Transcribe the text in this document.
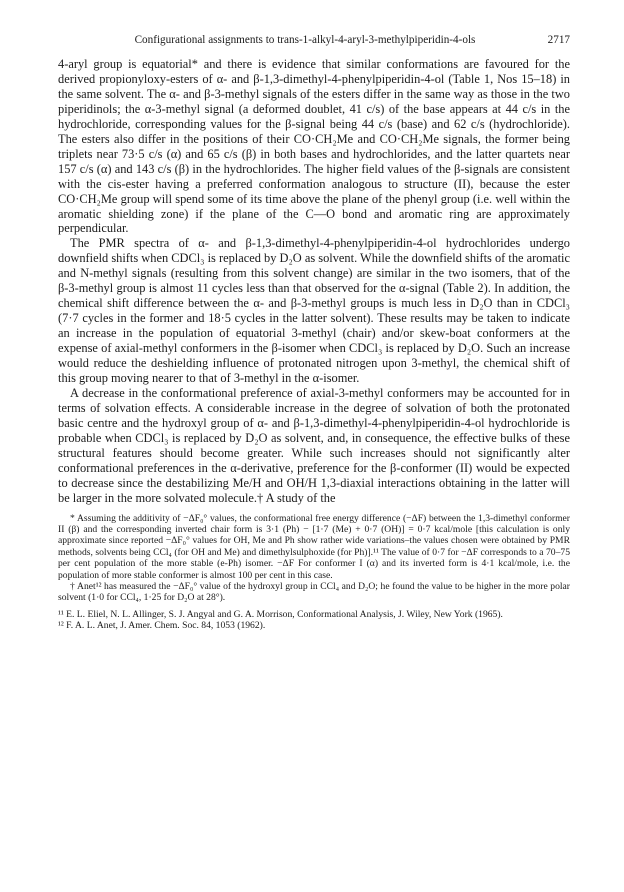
Configurational assignments to trans-1-alkyl-4-aryl-3-methylpiperidin-4-ols	2717

4-aryl group is equatorial* and there is evidence that similar conformations are favoured for the derived propionyloxy-esters of α- and β-1,3-dimethyl-4-phenylpiperidin-4-ol (Table 1, Nos 15–18) in the same solvent. The α- and β-3-methyl signals of the esters differ in the same way as those in the two piperidinols; the α-3-methyl signal (a deformed doublet, 41 c/s) of the base appears at 44 c/s in the hydrochloride, corresponding values for the β-signal being 44 c/s (base) and 62 c/s (hydrochloride). The esters also differ in the positions of their CO·CH₂Me and CO·CH₂Me signals, the former being triplets near 73·5 c/s (α) and 65 c/s (β) in both bases and hydrochlorides, and the latter quartets near 157 c/s (α) and 143 c/s (β) in the hydrochlorides. The higher field values of the β-signals are consistent with the cis-ester having a preferred conformation analogous to structure (II), because the ester CO·CH₂Me group will spend some of its time above the plane of the phenyl group (i.e. well within the aromatic shielding zone) if the plane of the C—O bond and aromatic ring are approximately perpendicular.

The PMR spectra of α- and β-1,3-dimethyl-4-phenylpiperidin-4-ol hydrochlorides undergo downfield shifts when CDCl₃ is replaced by D₂O as solvent. While the downfield shifts of the aromatic and N-methyl signals (resulting from this solvent change) are similar in the two isomers, that of the β-3-methyl group is almost 11 cycles less than that observed for the α-signal (Table 2). In addition, the chemical shift difference between the α- and β-3-methyl groups is much less in D₂O than in CDCl₃ (7·7 cycles in the former and 18·5 cycles in the latter solvent). These results may be taken to indicate an increase in the population of equatorial 3-methyl (chair) and/or skew-boat conformers at the expense of axial-methyl conformers in the β-isomer when CDCl₃ is replaced by D₂O. Such an increase would reduce the deshielding influence of protonated nitrogen upon 3-methyl, the chemical shift of this group moving nearer to that of 3-methyl in the α-isomer.

A decrease in the conformational preference of axial-3-methyl conformers may be accounted for in terms of solvation effects. A considerable increase in the degree of solvation of both the protonated basic centre and the hydroxyl group of α- and β-1,3-dimethyl-4-phenylpiperidin-4-ol hydrochloride is probable when CDCl₃ is replaced by D₂O as solvent, and, in consequence, the effective bulks of these structural features should become greater. While such increases should not significantly alter conformational preferences in the α-derivative, preference for the β-conformer (II) would be expected to decrease since the destabilizing Me/H and OH/H 1,3-diaxial interactions obtaining in the latter will be larger in the more solvated molecule.† A study of the

* Assuming the additivity of −ΔF₀° values, the conformational free energy difference (−ΔF) between the 1,3-dimethyl conformer II (β) and the corresponding inverted chair form is 3·1 (Ph) − [1·7 (Me) + 0·7 (OH)] = 0·7 kcal/mole [this calculation is only approximate since reported −ΔF₀° values for OH, Me and Ph show rather wide variations–the values chosen were obtained by PMR methods, solvents being CCl₄ (for OH and Me) and dimethylsulphoxide (for Ph)].¹¹ The value of 0·7 for −ΔF corresponds to a 70–75 per cent population of the more stable (e-Ph) isomer. −ΔF For conformer I (α) and its inverted form is 4·1 kcal/mole, i.e. the population of more stable conformer is almost 100 per cent in this case.

† Anet¹² has measured the −ΔF₀° value of the hydroxyl group in CCl₄ and D₂O; he found the value to be higher in the more polar solvent (1·0 for CCl₄, 1·25 for D₂O at 28°).

¹¹ E. L. Eliel, N. L. Allinger, S. J. Angyal and G. A. Morrison, Conformational Analysis, J. Wiley, New York (1965).

¹² F. A. L. Anet, J. Amer. Chem. Soc. 84, 1053 (1962).
